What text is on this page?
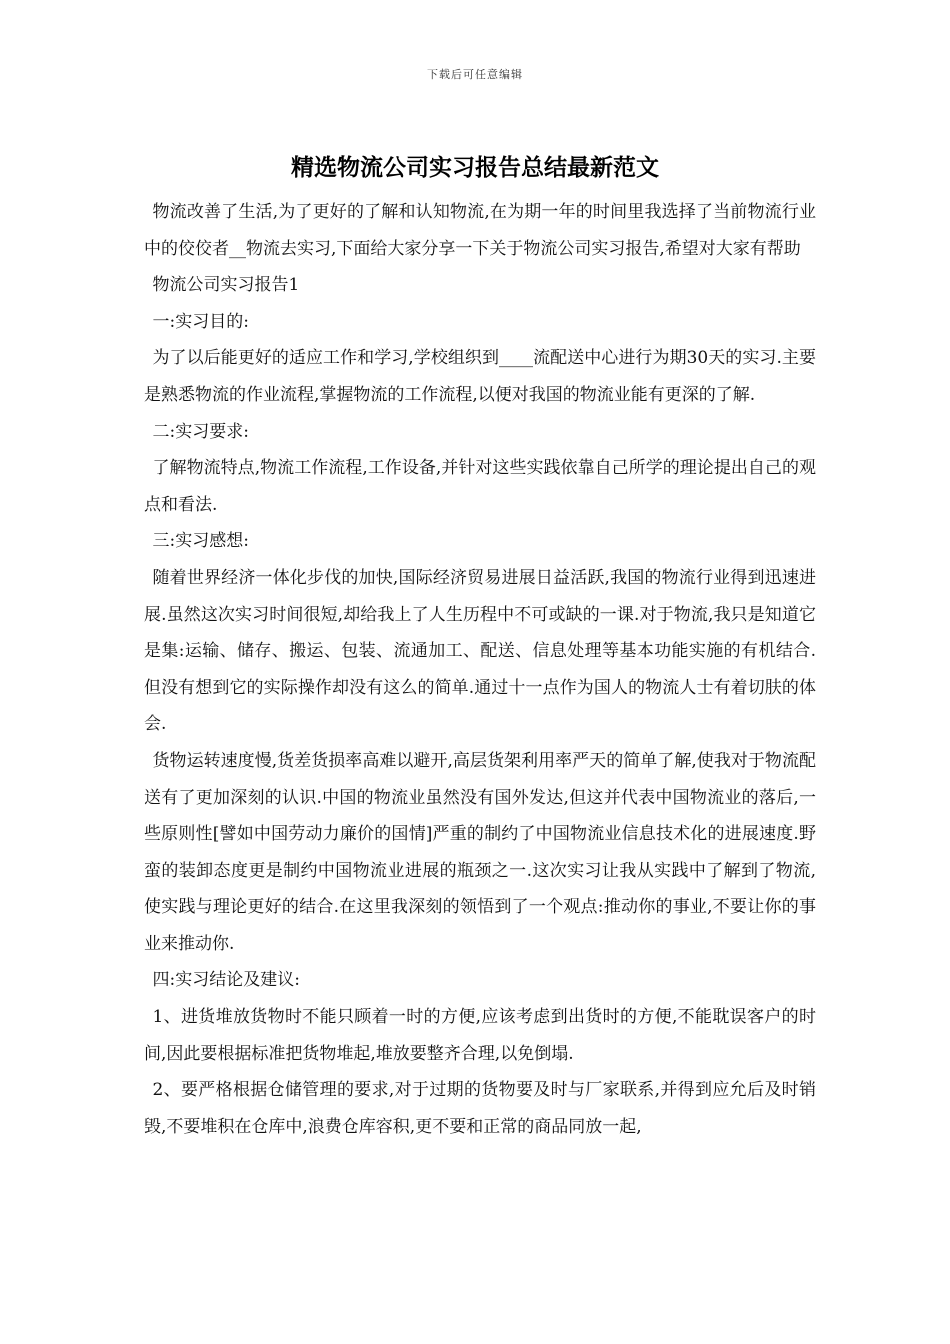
下载后可任意编辑
精选物流公司实习报告总结最新范文

物流改善了生活,为了更好的了解和认知物流,在为期一年的时间里我选择了当前物流行业中的佼佼者__物流去实习,下面给大家分享一下关于物流公司实习报告,希望对大家有帮助

物流公司实习报告1

一:实习目的:

为了以后能更好的适应工作和学习,学校组织到____流配送中心进行为期30天的实习.主要是熟悉物流的作业流程,掌握物流的工作流程,以便对我国的物流业能有更深的了解.

二:实习要求:

了解物流特点,物流工作流程,工作设备,并针对这些实践依靠自己所学的理论提出自己的观点和看法.

三:实习感想:

随着世界经济一体化步伐的加快,国际经济贸易进展日益活跃,我国的物流行业得到迅速进展.虽然这次实习时间很短,却给我上了人生历程中不可或缺的一课.对于物流,我只是知道它是集:运输、储存、搬运、包装、流通加工、配送、信息处理等基本功能实施的有机结合.但没有想到它的实际操作却没有这么的简单.通过十一点作为国人的物流人士有着切肤的体会.

货物运转速度慢,货差货损率高难以避开,高层货架利用率严天的简单了解,使我对于物流配送有了更加深刻的认识.中国的物流业虽然没有国外发达,但这并代表中国物流业的落后,一些原则性[譬如中国劳动力廉价的国情]严重的制约了中国物流业信息技术化的进展速度.野蛮的装卸态度更是制约中国物流业进展的瓶颈之一.这次实习让我从实践中了解到了物流,使实践与理论更好的结合.在这里我深刻的领悟到了一个观点:推动你的事业,不要让你的事业来推动你.

四:实习结论及建议:

1、进货堆放货物时不能只顾着一时的方便,应该考虑到出货时的方便,不能耽误客户的时间,因此要根据标准把货物堆起,堆放要整齐合理,以免倒塌.

2、要严格根据仓储管理的要求,对于过期的货物要及时与厂家联系,并得到应允后及时销毁,不要堆积在仓库中,浪费仓库容积,更不要和正常的商品同放一起,
